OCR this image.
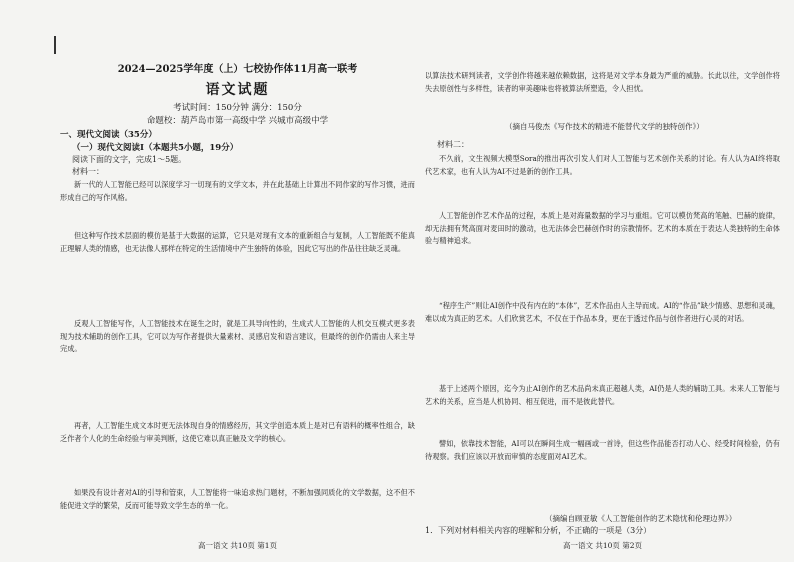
2024—2025学年度（上）七校协作体11月高一联考
语文试题
考试时间：150分钟 满分：150分
命题校：葫芦岛市第一高级中学 兴城市高级中学
一、现代文阅读（35分）
（一）现代文阅读Ⅰ（本题共5小题，19分）
阅读下面的文字，完成1～5题。
材料一：
新一代的人工智能已经可以深度学习一切现有的文学文本，并在此基础上计算出不同作家的写作习惯，进而形成自己的写作风格。
但这种写作技术层面的模仿是基于大数据的运算，它只是对现有文本的重新组合与复制，人工智能既不能真正理解人类的情感，也无法像人那样在特定的生活情境中产生独特的体验，因此它写出的作品往往缺乏灵魂。
反观人工智能写作，人工智能技术在诞生之时，就是工具导向性的，生成式人工智能的人机交互模式更多表现为技术辅助的创作工具，它可以为写作者提供大量素材、灵感启发和语言建议，但最终的创作仍需由人来主导完成。
再者，人工智能生成文本时更无法体现自身的情感经历，其文学创造本质上是对已有语料的概率性组合，缺乏作者个人化的生命经验与审美判断，这使它难以真正触及文学的核心。
如果没有设计者对AI的引导和管束，人工智能将一味追求热门题材，不断加强同质化的文学数据，这不但不能促进文学的繁荣，反而可能导致文学生态的单一化。
高一语文 共10页 第1页
以算法技术研判读者，文学创作将越来越依赖数据，这将是对文学本身最为严重的威胁。长此以往，文学创作将失去原创性与多样性，读者的审美趣味也将被算法所塑造，令人担忧。
（摘自马俊杰《写作技术的精进不能替代文学的独特创作》）
材料二：
不久前，文生视频大模型Sora的推出再次引发人们对人工智能与艺术创作关系的讨论。有人认为AI终将取代艺术家，也有人认为AI不过是新的创作工具。
人工智能创作艺术作品的过程，本质上是对海量数据的学习与重组。它可以模仿梵高的笔触、巴赫的旋律，却无法拥有梵高面对麦田时的激动，也无法体会巴赫创作时的宗教情怀。艺术的本质在于表达人类独特的生命体验与精神追求。
“程序生产”则让AI创作中没有内在的“本体”，艺术作品由人主导而成。AI的“作品”缺少情感、思想和灵魂，难以成为真正的艺术。人们欣赏艺术，不仅在于作品本身，更在于透过作品与创作者进行心灵的对话。
基于上述两个原因，迄今为止AI创作的艺术品尚未真正超越人类，AI仍是人类的辅助工具。未来人工智能与艺术的关系，应当是人机协同、相互促进，而不是彼此替代。
譬如，依靠技术智能，AI可以在瞬间生成一幅画或一首诗，但这些作品能否打动人心、经受时间检验，仍有待观察。我们应该以开放而审慎的态度面对AI艺术。
（摘编自顾亚敏《人工智能创作的艺术隐忧和伦理边界》）
1．下列对材料相关内容的理解和分析，不正确的一项是（3分）
高一语文 共10页 第2页
